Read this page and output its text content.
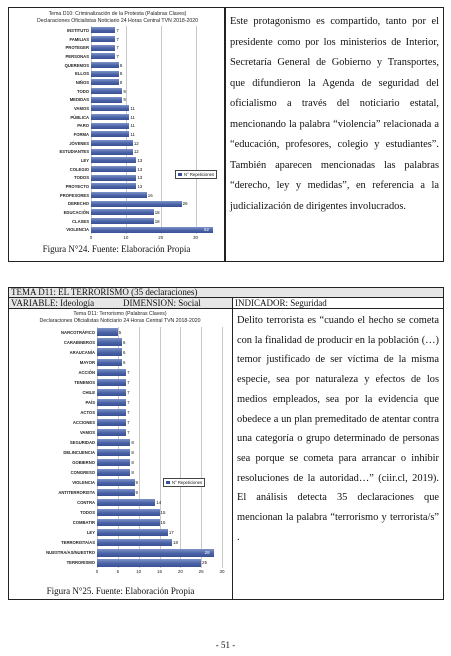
Tema D10: Criminalización de la Protesta (Palabras Claves)
Declaraciones Oficialistas Noticiario 24 Horas Central TVN 2018-2020
0	10	20	30
INSTITUTO	7
FAMILIAS	7
PROTEGER	7
PERSONAS	7
QUEREMOS	8
ELLOS	8
NIÑOS	8
TODO	9
MEDIDAS	9
VAMOS	11
PÚBLICA	11
PARO	11
FORMA	11
JÓVENES	12
ESTUDIANTES	12
LEY	13
COLEGIO	13
TODOS	13
PROYECTO	13
PROFESORES	16
DERECHO	26
EDUCACIÓN	18
CLASES	18
VIOLENCIA	52
N° Repeticiones
Figura N°24. Fuente: Elaboración Propia
Este protagonismo es compartido, tanto por el presidente como por los ministerios de Interior, Secretaría General de Gobierno y Transportes, que difundieron la Agenda de seguridad del oficialismo a través del noticiario estatal, mencionando la palabra “violencia” relacionada a “educación, profesores, colegio y estudiantes”. También aparecen mencionadas las palabras “derecho, ley y medidas”, en referencia a la judicialización de dirigentes involucrados.
TEMA D11: EL TERRORISMO (35 declaraciones)
VARIABLE: Ideología	DIMENSION: Social	INDICADOR: Seguridad
Tema D11: Terrorismo (Palabras Claves)
Declaraciones Oficialistas Noticiario 24 Horas Central TVN 2018-2020
0	5	10	15	20	25	30
NARCOTRÁFICO	5
CARABINEROS	6
ARAUCANÍA	6
MAYOR	6
ACCIÓN	7
TENEMOS	7
CHILE	7
PAÍS	7
ACTOS	7
ACCIONES	7
VAMOS	7
SEGURIDAD	8
DELINCUENCIA	8
GOBIERNO	8
CONGRESO	8
VIOLENCIA	9
ANTITERRORISTA	9
CONTRA	14
TODOS	15
COMBATIR	15
LEY	17
TERRORISTA/AS	18
NUESTRA/AS/NUESTRO	28
TERRORISMO	25
N° Repeticiones
Figura N°25. Fuente: Elaboración Propia
Delito terrorista es “cuando el hecho se cometa con la finalidad de producir en la población (…) temor justificado de ser víctima de la misma especie, sea por naturaleza y efectos de los medios empleados, sea por la evidencia que obedece a un plan premeditado de atentar contra una categoría o grupo determinado de personas sea porque se cometa para arrancar o inhibir resoluciones de la autoridad…” (ciir.cl, 2019). El análisis detecta 35 declaraciones que mencionan la palabra “terrorismo y terrorista/s” .
- 51 -
